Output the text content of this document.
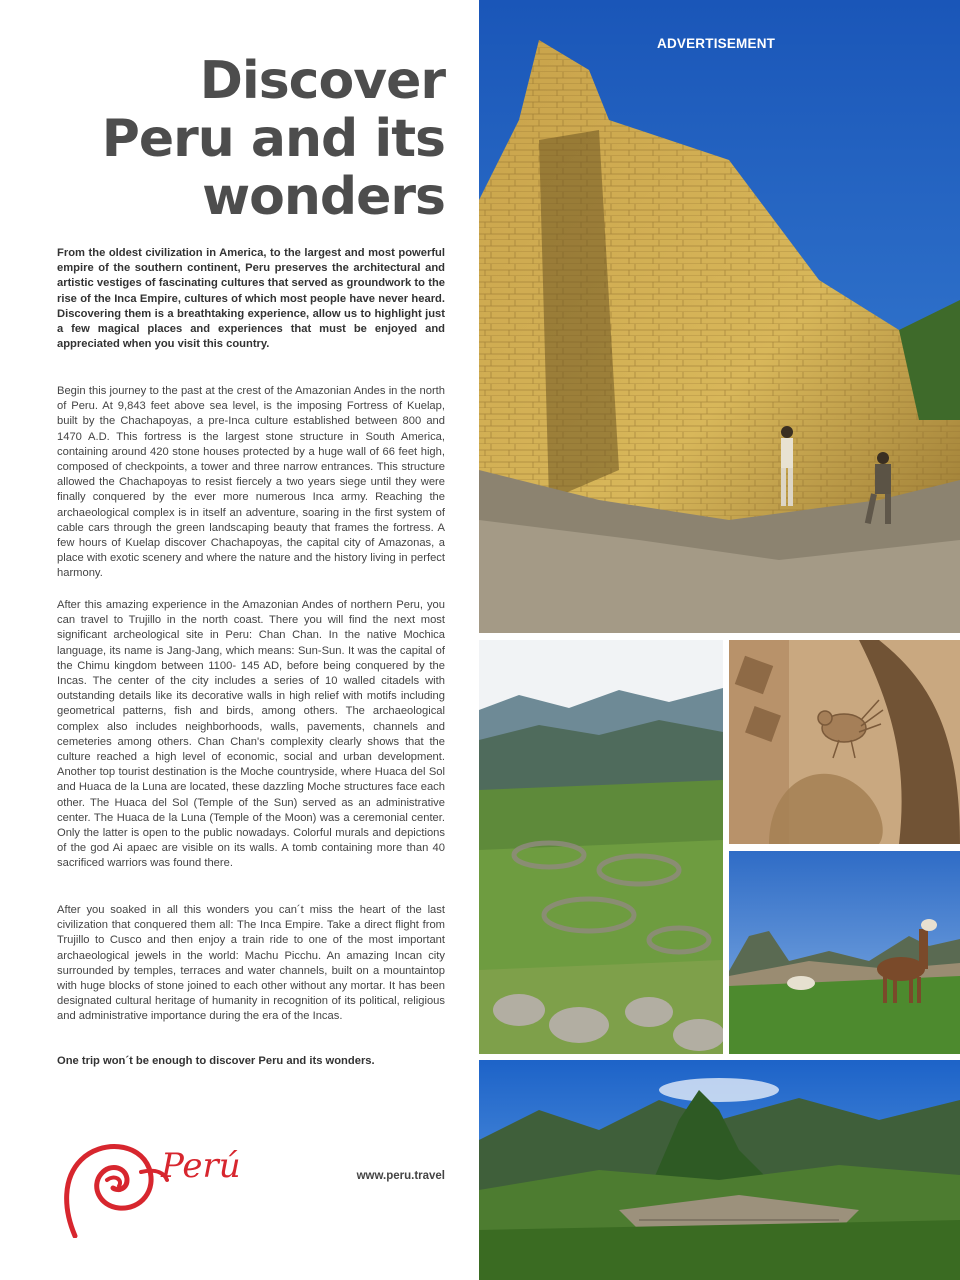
Discover
Peru and its
wonders

From the oldest civilization in America, to the largest and most powerful empire of the southern continent, Peru preserves the architectural and artistic vestiges of fascinating cultures that served as groundwork to the rise of the Inca Empire, cultures of which most people have never heard. Discovering them is a breathtaking experience, allow us to highlight just a few magical places and experiences that must be enjoyed and appreciated when you visit this country.

Begin this journey to the past at the crest of the Amazonian Andes in the north of Peru. At 9,843 feet above sea level, is the imposing Fortress of Kuelap, built by the Chachapoyas, a pre-Inca culture established between 800 and 1470 A.D. This fortress is the largest stone structure in South America, containing around 420 stone houses protected by a huge wall of 66 feet high, composed of checkpoints, a tower and three narrow entrances. This structure allowed the Chachapoyas to resist fiercely a two years siege until they were finally conquered by the ever more numerous Inca army. Reaching the archaeological complex is in itself an adventure, soaring in the first system of cable cars through the green landscaping beauty that frames the fortress. A few hours of Kuelap discover Chachapoyas, the capital city of Amazonas, a place with exotic scenery and where the nature and the history living in perfect harmony.

After this amazing experience in the Amazonian Andes of northern Peru, you can travel to Trujillo in the north coast. There you will find the next most significant archeological site in Peru: Chan Chan. In the native Mochica language, its name is Jang-Jang, which means: Sun-Sun. It was the capital of the Chimu kingdom between 1100- 145 AD, before being conquered by the Incas. The center of the city includes a series of 10 walled citadels with outstanding details like its decorative walls in high relief with motifs including geometrical patterns, fish and birds, among others. The archaeological complex also includes neighborhoods, walls, pavements, channels and cemeteries among others. Chan Chan's complexity clearly shows that the culture reached a high level of economic, social and urban development. Another top tourist destination is the Moche countryside, where Huaca del Sol and Huaca de la Luna are located, these dazzling Moche structures face each other. The Huaca del Sol (Temple of the Sun) served as an administrative center. The Huaca de la Luna (Temple of the Moon) was a ceremonial center. Only the latter is open to the public nowadays. Colorful murals and depictions of the god Ai apaec are visible on its walls. A tomb containing more than 40 sacrificed warriors was found there.

After you soaked in all this wonders you can´t miss the heart of the last civilization that conquered them all: The Inca Empire. Take a direct flight from Trujillo to Cusco and then enjoy a train ride to one of the most important archaeological jewels in the world: Machu Picchu. An amazing Incan city surrounded by temples, terraces and water channels, built on a mountaintop with huge blocks of stone joined to each other without any mortar. It has been designated cultural heritage of humanity in recognition of its political, religious and administrative importance during the era of the Incas.

One trip won´t be enough to discover Peru and its wonders.

Perú	www.peru.travel
ADVERTISEMENT
